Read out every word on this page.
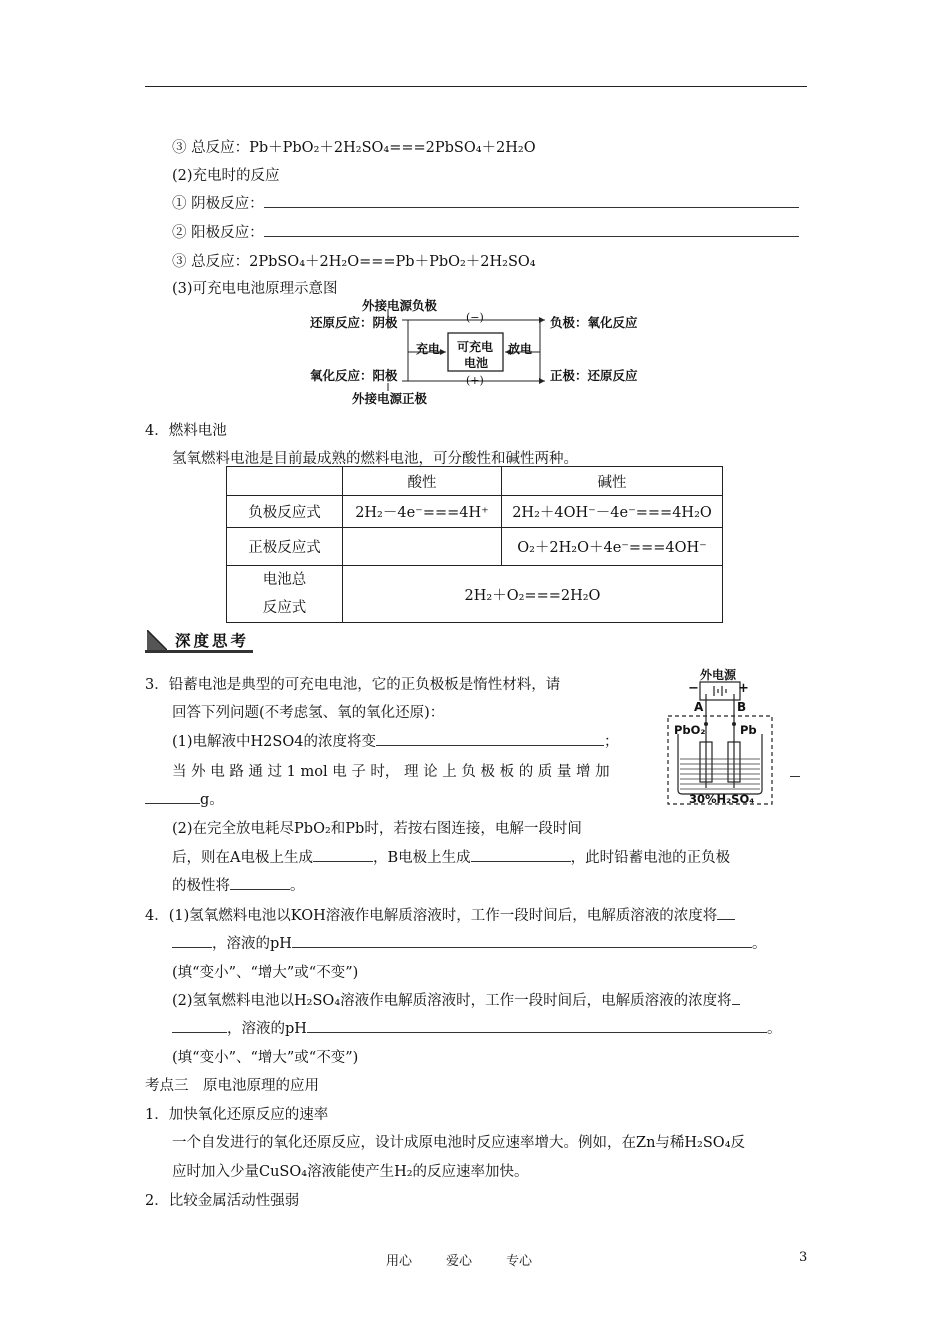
③ 总反应：Pb＋PbO₂＋2H₂SO₄===2PbSO₄＋2H₂O
(2)充电时的反应
① 阴极反应：
② 阳极反应：
③ 总反应：2PbSO₄＋2H₂O===Pb＋PbO₂＋2H₂SO₄
(3)可充电电池原理示意图
外接电源负极
还原反应：阴极
氧化反应：阳极
外接电源正极
负极：氧化反应
正极：还原反应
(−)
(+)
充电	放电
可充电
电池
4．燃料电池
氢氧燃料电池是目前最成熟的燃料电池，可分酸性和碱性两种。
	酸性	碱性
负极反应式	2H₂－4e⁻===4H⁺	2H₂＋4OH⁻－4e⁻===4H₂O
正极反应式		O₂＋2H₂O＋4e⁻===4OH⁻

电池总
反应式	2H₂＋O₂===2H₂O	
深度思考
3．铅蓄电池是典型的可充电电池，它的正负极板是惰性材料，请
回答下列问题(不考虑氢、氧的氧化还原)：
(1)电解液中H2SO4的浓度将变	；
当 外 电 路 通 过 1 mol 电 子 时， 理 论 上 负 极 板 的 质 量 增 加
g。
(2)在完全放电耗尽PbO₂和Pb时，若按右图连接，电解一段时间
后，则在A电极上生成	，B电极上生成	，此时铅蓄电池的正负极
的极性将	。
外电源
−	+
A	B
PbO₂	Pb
30%H₂SO₄
4．(1)氢氧燃料电池以KOH溶液作电解质溶液时，工作一段时间后，电解质溶液的浓度将
，溶液的pH	。
(填“变小”、“增大”或“不变”)
(2)氢氧燃料电池以H₂SO₄溶液作电解质溶液时，工作一段时间后，电解质溶液的浓度将
，溶液的pH	。
(填“变小”、“增大”或“不变”)
考点三　原电池原理的应用
1．加快氧化还原反应的速率
一个自发进行的氧化还原反应，设计成原电池时反应速率增大。例如，在Zn与稀H₂SO₄反
应时加入少量CuSO₄溶液能使产生H₂的反应速率加快。
2．比较金属活动性强弱
用心	爱心	专心	3
